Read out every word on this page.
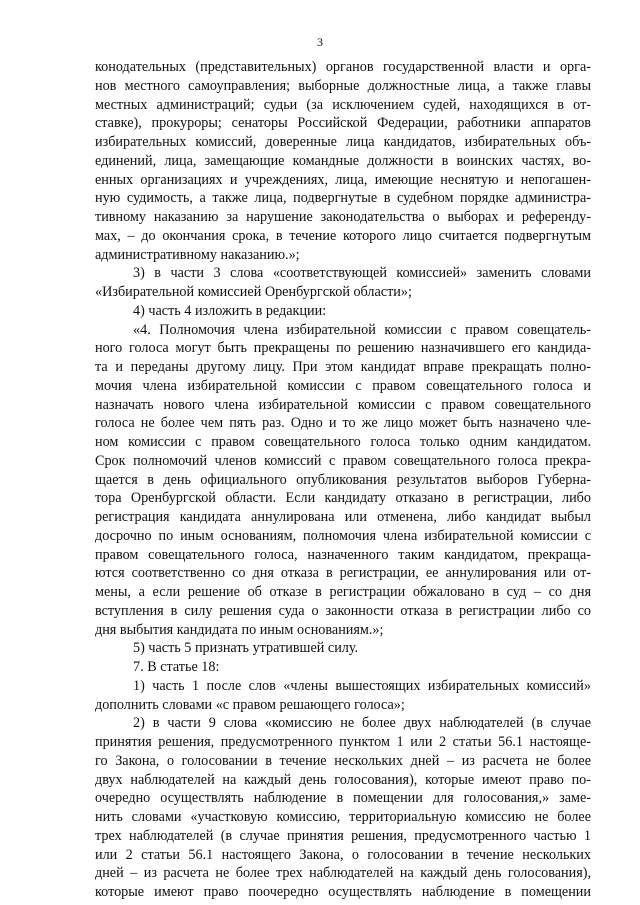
3
конодательных (представительных) органов государственной власти и орга-
нов местного самоуправления; выборные должностные лица, а также главы
местных администраций; судьи (за исключением судей, находящихся в от-
ставке), прокуроры; сенаторы Российской Федерации, работники аппаратов
избирательных комиссий, доверенные лица кандидатов, избирательных объ-
единений, лица, замещающие командные должности в воинских частях, во-
енных организациях и учреждениях, лица, имеющие неснятую и непогашен-
ную судимость, а также лица, подвергнутые в судебном порядке администра-
тивному наказанию за нарушение законодательства о выборах и референду-
мах, – до окончания срока, в течение которого лицо считается подвергнутым
административному наказанию.»;
3) в части 3 слова «соответствующей комиссией» заменить словами
«Избирательной комиссией Оренбургской области»;
4) часть 4 изложить в редакции:
«4. Полномочия члена избирательной комиссии с правом совещатель-
ного голоса могут быть прекращены по решению назначившего его кандида-
та и переданы другому лицу. При этом кандидат вправе прекращать полно-
мочия члена избирательной комиссии с правом совещательного голоса и
назначать нового члена избирательной комиссии с правом совещательного
голоса не более чем пять раз. Одно и то же лицо может быть назначено чле-
ном комиссии с правом совещательного голоса только одним кандидатом.
Срок полномочий членов комиссий с правом совещательного голоса прекра-
щается в день официального опубликования результатов выборов Губерна-
тора Оренбургской области. Если кандидату отказано в регистрации, либо
регистрация кандидата аннулирована или отменена, либо кандидат выбыл
досрочно по иным основаниям, полномочия члена избирательной комиссии с
правом совещательного голоса, назначенного таким кандидатом, прекраща-
ются соответственно со дня отказа в регистрации, ее аннулирования или от-
мены, а если решение об отказе в регистрации обжаловано в суд – со дня
вступления в силу решения суда о законности отказа в регистрации либо со
дня выбытия кандидата по иным основаниям.»;
5) часть 5 признать утратившей силу.
7. В статье 18:
1) часть 1 после слов «члены вышестоящих избирательных комиссий»
дополнить словами «с правом решающего голоса»;
2) в части 9 слова «комиссию не более двух наблюдателей (в случае
принятия решения, предусмотренного пунктом 1 или 2 статьи 56.1 настояще-
го Закона, о голосовании в течение нескольких дней – из расчета не более
двух наблюдателей на каждый день голосования), которые имеют право по-
очередно осуществлять наблюдение в помещении для голосования,» заме-
нить словами «участковую комиссию, территориальную комиссию не более
трех наблюдателей (в случае принятия решения, предусмотренного частью 1
или 2 статьи 56.1 настоящего Закона, о голосовании в течение нескольких
дней – из расчета не более трех наблюдателей на каждый день голосования),
которые имеют право поочередно осуществлять наблюдение в помещении
